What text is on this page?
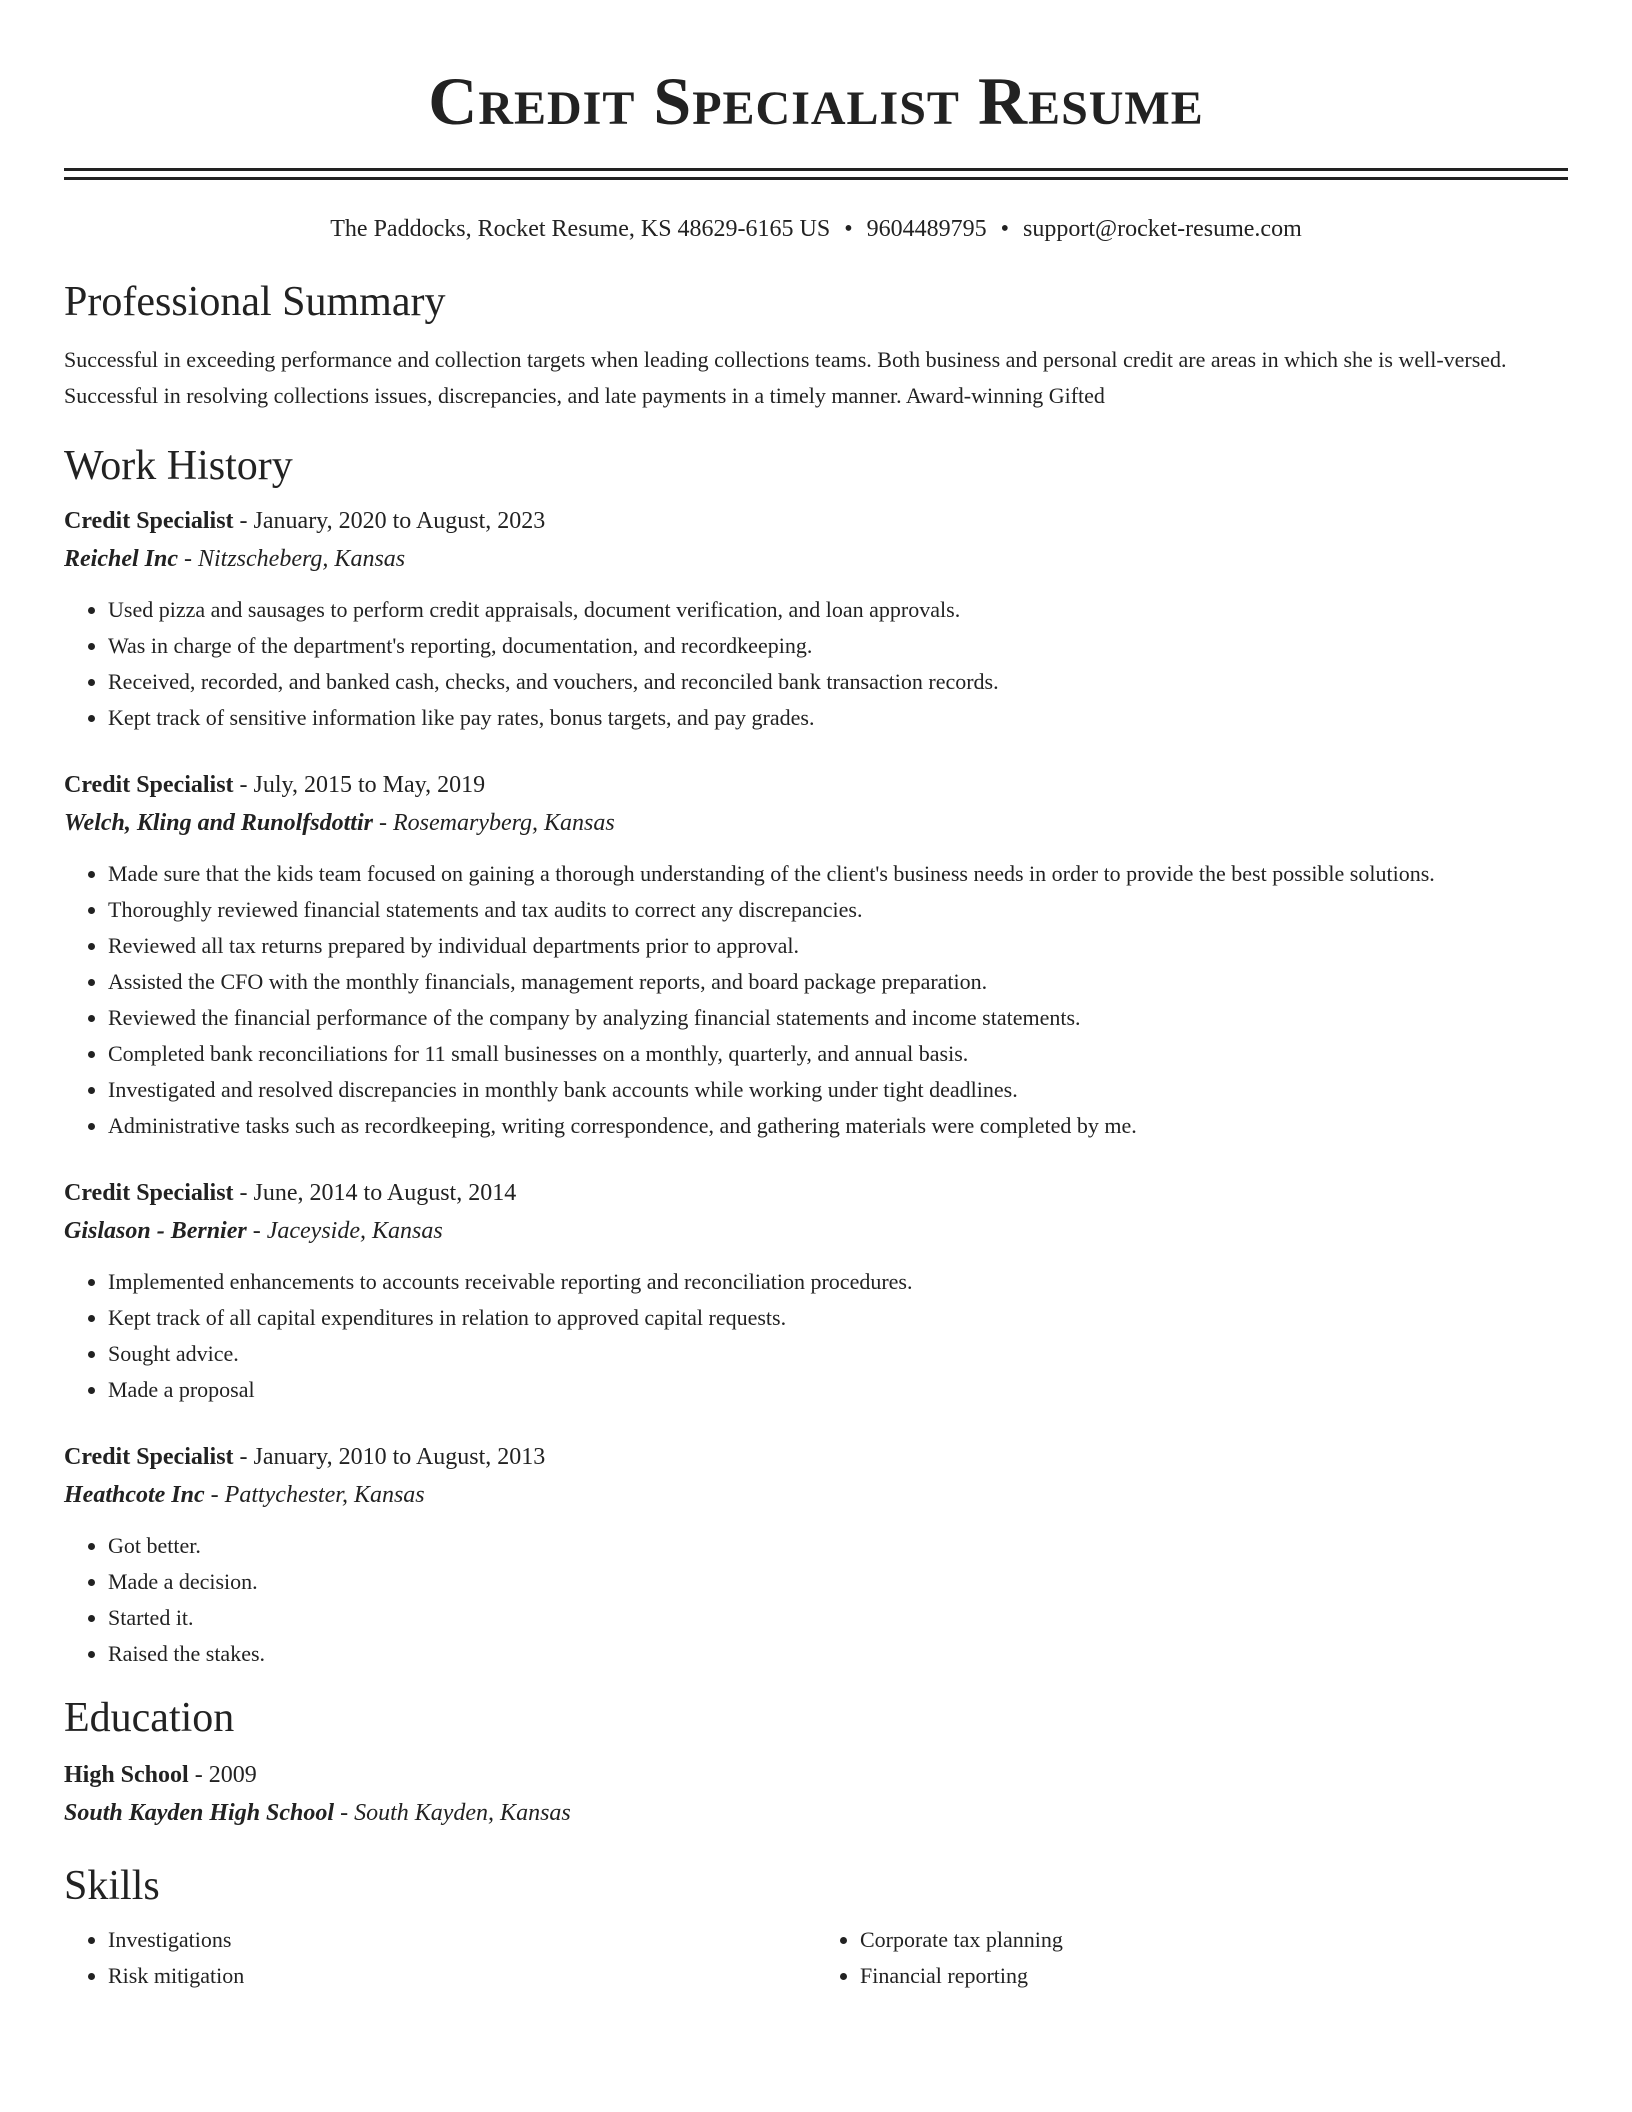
Credit Specialist Resume
The Paddocks, Rocket Resume, KS 48629-6165 US • 9604489795 • support@rocket-resume.com
Professional Summary

Successful in exceeding performance and collection targets when leading collections teams. Both business and personal credit are areas in which she is well-versed. Successful in resolving collections issues, discrepancies, and late payments in a timely manner. Award-winning Gifted

Work History
Credit Specialist - January, 2020 to August, 2023
Reichel Inc - Nitzscheberg, Kansas
• Used pizza and sausages to perform credit appraisals, document verification, and loan approvals.
• Was in charge of the department's reporting, documentation, and recordkeeping.
• Received, recorded, and banked cash, checks, and vouchers, and reconciled bank transaction records.
• Kept track of sensitive information like pay rates, bonus targets, and pay grades.
Credit Specialist - July, 2015 to May, 2019
Welch, Kling and Runolfsdottir - Rosemaryberg, Kansas
• Made sure that the kids team focused on gaining a thorough understanding of the client's business needs in order to provide the best possible solutions.
• Thoroughly reviewed financial statements and tax audits to correct any discrepancies.
• Reviewed all tax returns prepared by individual departments prior to approval.
• Assisted the CFO with the monthly financials, management reports, and board package preparation.
• Reviewed the financial performance of the company by analyzing financial statements and income statements.
• Completed bank reconciliations for 11 small businesses on a monthly, quarterly, and annual basis.
• Investigated and resolved discrepancies in monthly bank accounts while working under tight deadlines.
• Administrative tasks such as recordkeeping, writing correspondence, and gathering materials were completed by me.
Credit Specialist - June, 2014 to August, 2014
Gislason - Bernier - Jaceyside, Kansas
• Implemented enhancements to accounts receivable reporting and reconciliation procedures.
• Kept track of all capital expenditures in relation to approved capital requests.
• Sought advice.
• Made a proposal
Credit Specialist - January, 2010 to August, 2013
Heathcote Inc - Pattychester, Kansas
• Got better.
• Made a decision.
• Started it.
• Raised the stakes.
Education
High School - 2009
South Kayden High School - South Kayden, Kansas
Skills
• Investigations
• Risk mitigation
• Corporate tax planning
• Financial reporting
